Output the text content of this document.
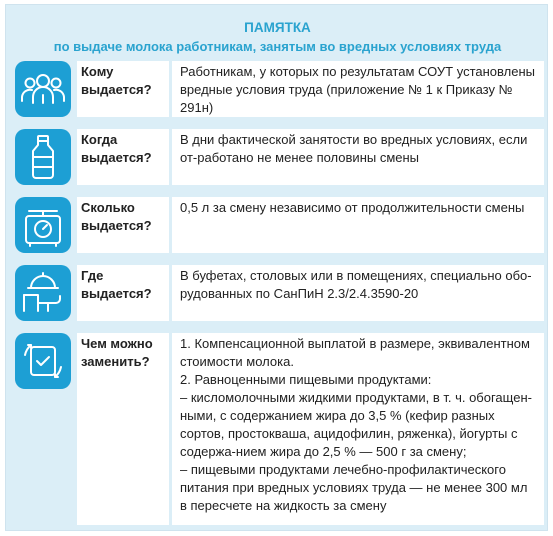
ПАМЯТКА
по выдаче молока работникам, занятым во вредных условиях труда
Кому
выдается?

Работникам, у которых по результатам СОУТ установлены вредные условия труда (приложение № 1 к Приказу № 291н)

Когда
выдается?

В дни фактической занятости во вредных условиях, если от-работано не менее половины смены

Сколько
выдается?

0,5 л за смену независимо от продолжительности смены

Где
выдается?

В буфетах, столовых или в помещениях, специально обо-рудованных по СанПиН 2.3/2.4.3590-20

Чем можно
заменить?

1. Компенсационной выплатой в размере, эквивалентном стоимости молока.

2. Равноценными пищевыми продуктами:

– кисломолочными жидкими продуктами, в т. ч. обогащен-ными, с содержанием жира до 3,5 % (кефир разных сортов, простокваша, ацидофилин, ряженка), йогурты с содержа-нием жира до 2,5 % — 500 г за смену;

– пищевыми продуктами лечебно-профилактического питания при вредных условиях труда — не менее 300 мл в пересчете на жидкость за смену
